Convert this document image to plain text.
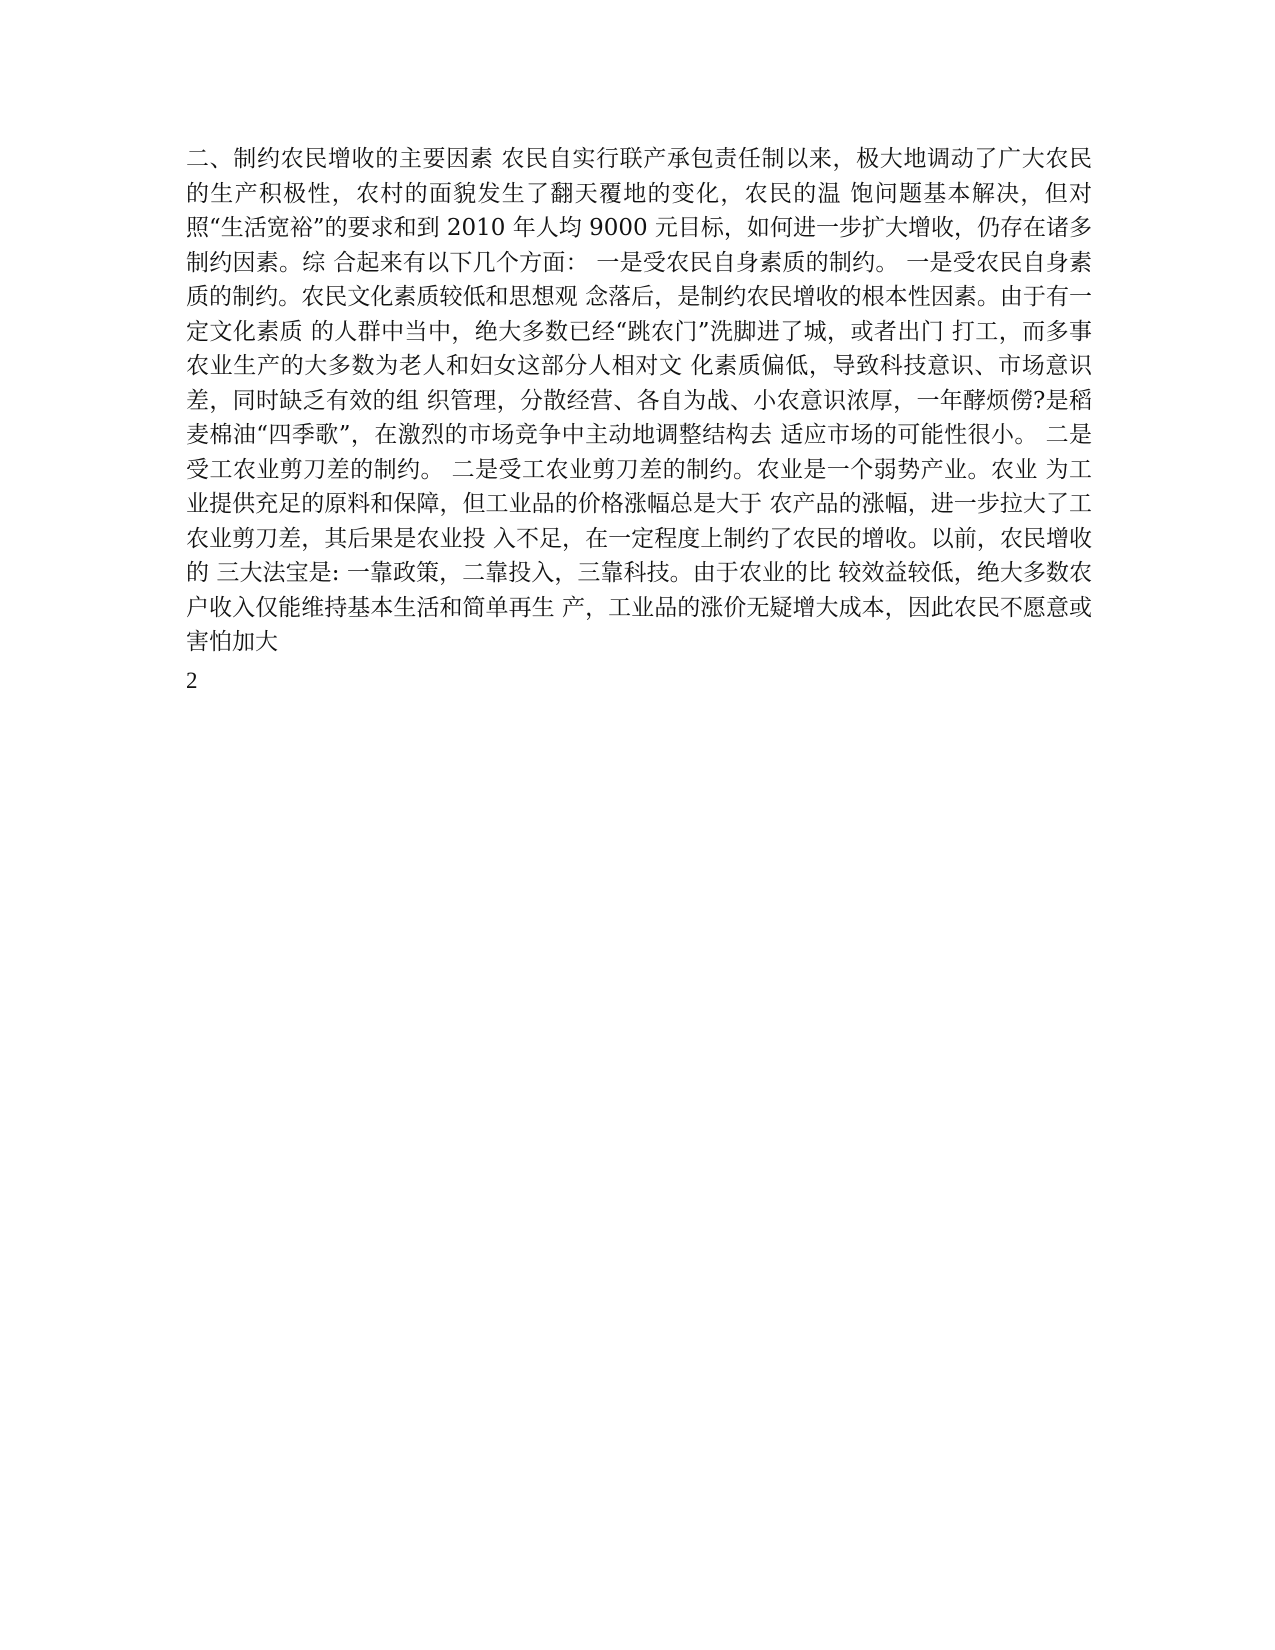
二、制约农民增收的主要因素 农民自实行联产承包责任制以来，极大地调动了广大农民 的生产积极性，农村的面貌发生了翻天覆地的变化，农民的温 饱问题基本解决，但对照“生活宽裕”的要求和到 2010 年人均 9000 元目标，如何进一步扩大增收，仍存在诸多制约因素。综 合起来有以下几个方面： 一是受农民自身素质的制约。 一是受农民自身素质的制约。农民文化素质较低和思想观 念落后，是制约农民增收的根本性因素。由于有一定文化素质 的人群中当中，绝大多数已经“跳农门”洗脚进了城，或者出门 打工，而多事农业生产的大多数为老人和妇女这部分人相对文 化素质偏低，导致科技意识、市场意识差，同时缺乏有效的组 织管理，分散经营、各自为战、小农意识浓厚，一年酵烦僗?是稻麦棉油“四季歌”，在激烈的市场竞争中主动地调整结构去 适应市场的可能性很小。 二是受工农业剪刀差的制约。 二是受工农业剪刀差的制约。农业是一个弱势产业。农业 为工业提供充足的原料和保障，但工业品的价格涨幅总是大于 农产品的涨幅，进一步拉大了工农业剪刀差，其后果是农业投 入不足，在一定程度上制约了农民的增收。以前，农民增收的 三大法宝是: 一靠政策，二靠投入，三靠科技。由于农业的比 较效益较低，绝大多数农户收入仅能维持基本生活和简单再生 产，工业品的涨价无疑增大成本，因此农民不愿意或害怕加大

2
